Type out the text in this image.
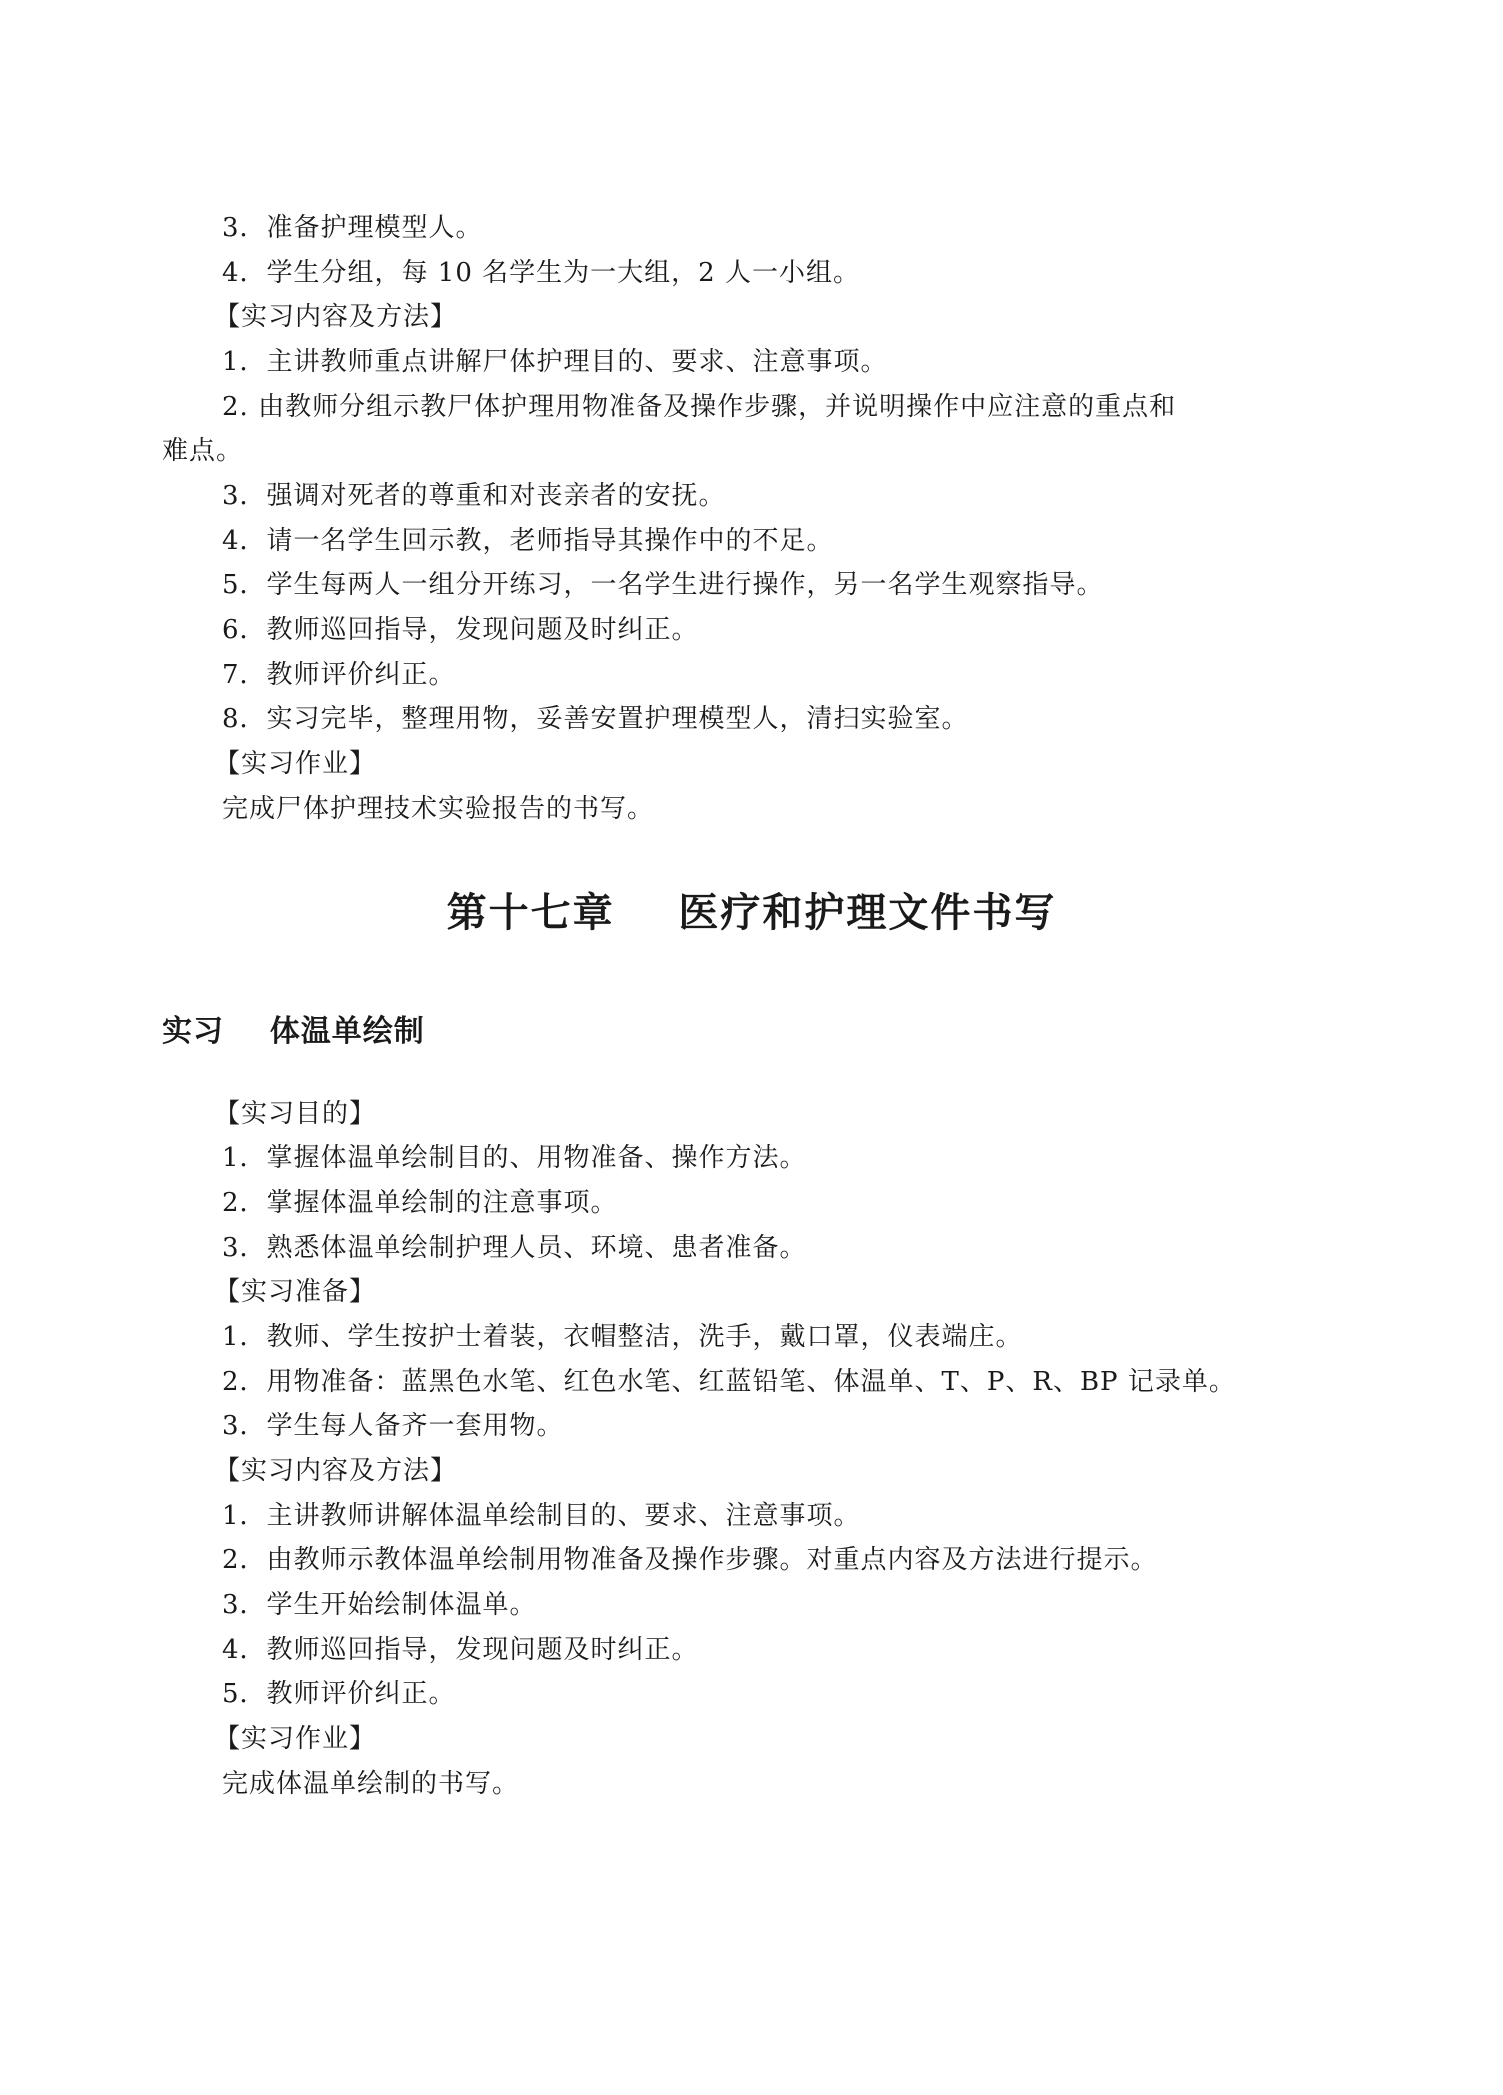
3．准备护理模型人。
4．学生分组，每 10 名学生为一大组，2 人一小组。
【实习内容及方法】
1．主讲教师重点讲解尸体护理目的、要求、注意事项。
2. 由教师分组示教尸体护理用物准备及操作步骤，并说明操作中应注意的重点和
难点。
3．强调对死者的尊重和对丧亲者的安抚。
4．请一名学生回示教，老师指导其操作中的不足。
5．学生每两人一组分开练习，一名学生进行操作，另一名学生观察指导。
6．教师巡回指导，发现问题及时纠正。
7．教师评价纠正。
8．实习完毕，整理用物，妥善安置护理模型人，清扫实验室。
【实习作业】
完成尸体护理技术实验报告的书写。
第十七章    医疗和护理文件书写
实习    体温单绘制
【实习目的】
1．掌握体温单绘制目的、用物准备、操作方法。
2．掌握体温单绘制的注意事项。
3．熟悉体温单绘制护理人员、环境、患者准备。
【实习准备】
1．教师、学生按护士着装，衣帽整洁，洗手，戴口罩，仪表端庄。
2．用物准备：蓝黑色水笔、红色水笔、红蓝铅笔、体温单、T、P、R、BP 记录单。
3．学生每人备齐一套用物。
【实习内容及方法】
1．主讲教师讲解体温单绘制目的、要求、注意事项。
2．由教师示教体温单绘制用物准备及操作步骤。对重点内容及方法进行提示。
3．学生开始绘制体温单。
4．教师巡回指导，发现问题及时纠正。
5．教师评价纠正。
【实习作业】
完成体温单绘制的书写。
